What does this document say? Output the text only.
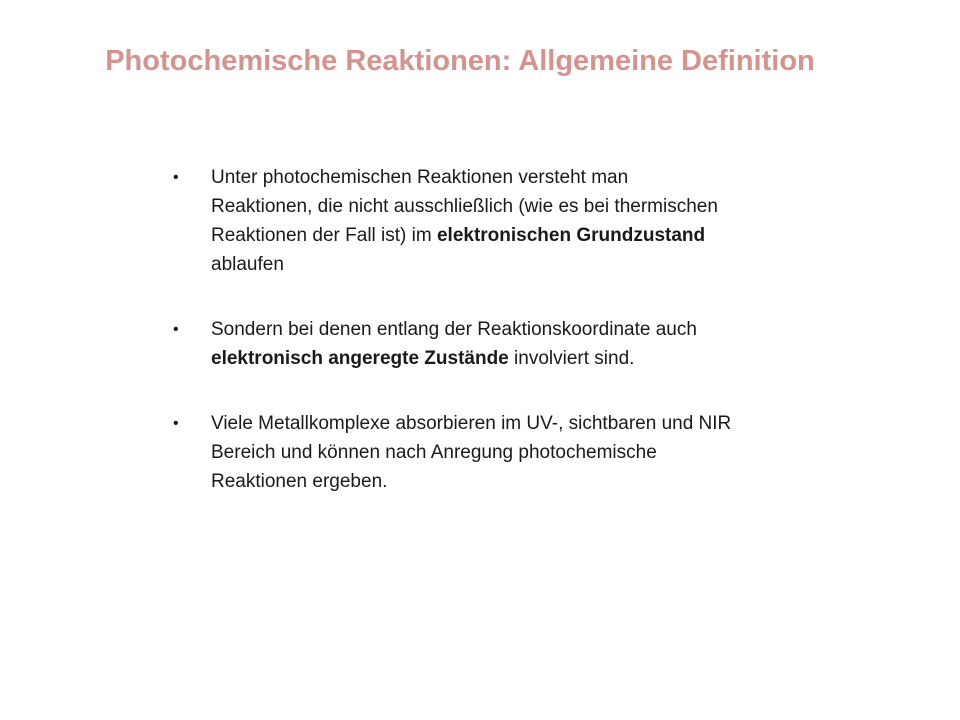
Photochemische Reaktionen: Allgemeine Definition
• Unter photochemischen Reaktionen versteht man Reaktionen, die nicht ausschließlich (wie es bei thermischen Reaktionen der Fall ist) im elektronischen Grundzustand ablaufen
• Sondern bei denen entlang der Reaktionskoordinate auch elektronisch angeregte Zustände involviert sind.
• Viele Metallkomplexe absorbieren im UV-, sichtbaren und NIR Bereich und können nach Anregung photochemische Reaktionen ergeben.
